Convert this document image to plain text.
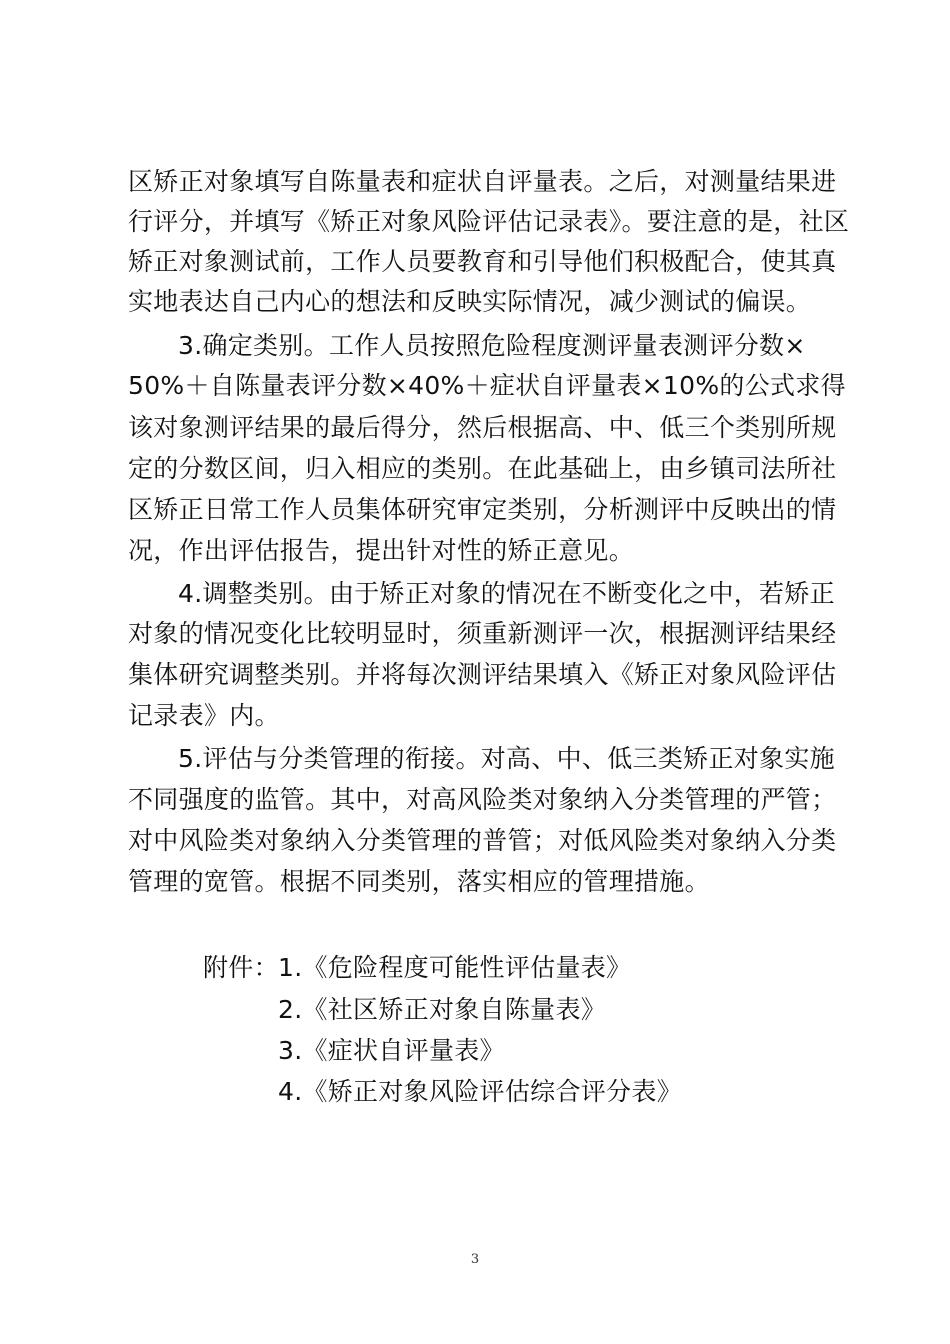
区矫正对象填写自陈量表和症状自评量表。之后，对测量结果进
行评分，并填写《矫正对象风险评估记录表》。要注意的是，社区
矫正对象测试前，工作人员要教育和引导他们积极配合，使其真
实地表达自己内心的想法和反映实际情况，减少测试的偏误。
3.确定类别。工作人员按照危险程度测评量表测评分数×
50%＋自陈量表评分数×40%＋症状自评量表×10%的公式求得
该对象测评结果的最后得分，然后根据高、中、低三个类别所规
定的分数区间，归入相应的类别。在此基础上，由乡镇司法所社
区矫正日常工作人员集体研究审定类别，分析测评中反映出的情
况，作出评估报告，提出针对性的矫正意见。
4.调整类别。由于矫正对象的情况在不断变化之中，若矫正
对象的情况变化比较明显时，须重新测评一次，根据测评结果经
集体研究调整类别。并将每次测评结果填入《矫正对象风险评估
记录表》内。
5.评估与分类管理的衔接。对高、中、低三类矫正对象实施
不同强度的监管。其中，对高风险类对象纳入分类管理的严管；
对中风险类对象纳入分类管理的普管；对低风险类对象纳入分类
管理的宽管。根据不同类别，落实相应的管理措施。
附件： 1.《危险程度可能性评估量表》
2.《社区矫正对象自陈量表》
3.《症状自评量表》
4.《矫正对象风险评估综合评分表》
3
